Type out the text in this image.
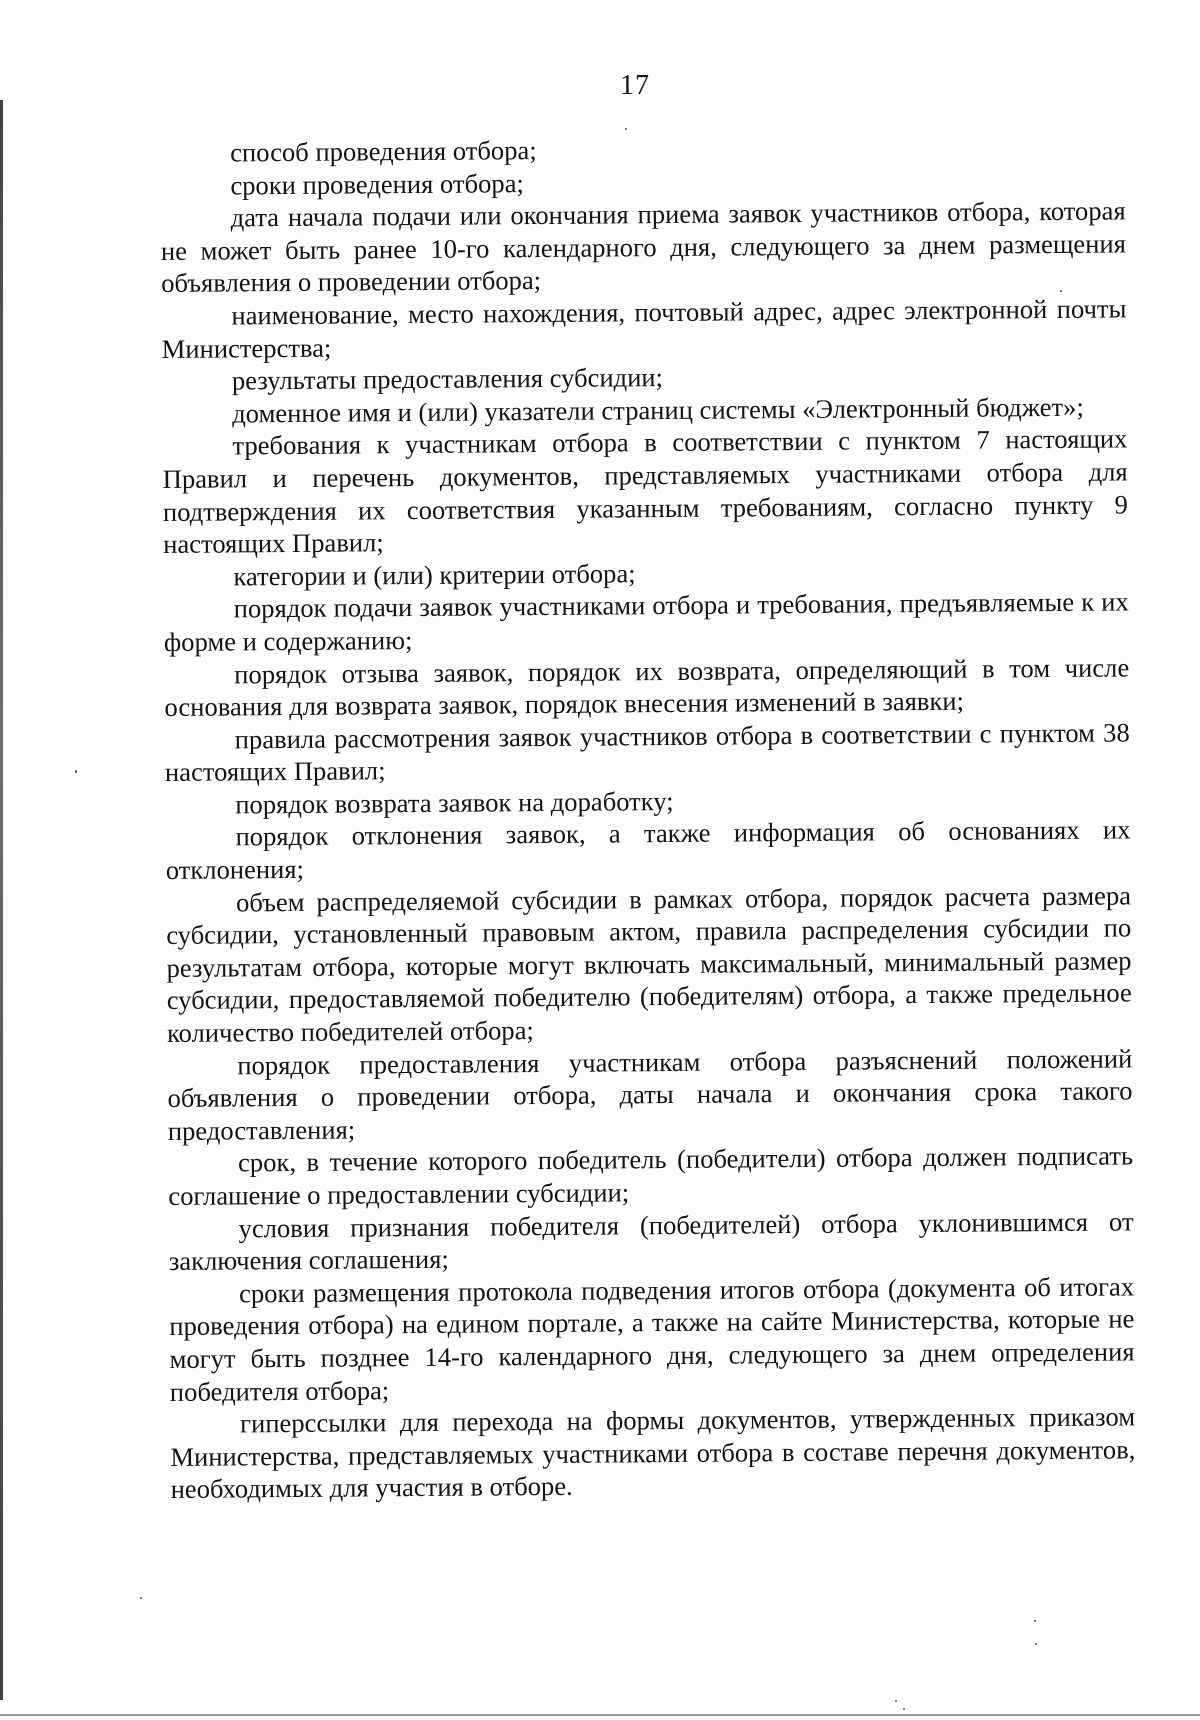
17

способ проведения отбора;

сроки проведения отбора;

дата начала подачи или окончания приема заявок участников отбора, которая не может быть ранее 10-го календарного дня, следующего за днем размещения объявления о проведении отбора;

наименование, место нахождения, почтовый адрес, адрес электронной почты Министерства;

результаты предоставления субсидии;

доменное имя и (или) указатели страниц системы «Электронный бюджет»;

требования к участникам отбора в соответствии с пунктом 7 настоящих Правил и перечень документов, представляемых участниками отбора для подтверждения их соответствия указанным требованиям, согласно пункту 9 настоящих Правил;

категории и (или) критерии отбора;

порядок подачи заявок участниками отбора и требования, предъявляемые к их форме и содержанию;

порядок отзыва заявок, порядок их возврата, определяющий в том числе основания для возврата заявок, порядок внесения изменений в заявки;

правила рассмотрения заявок участников отбора в соответствии с пунктом 38 настоящих Правил;

порядок возврата заявок на доработку;

порядок отклонения заявок, а также информация об основаниях их отклонения;

объем распределяемой субсидии в рамках отбора, порядок расчета размера субсидии, установленный правовым актом, правила распределения субсидии по результатам отбора, которые могут включать максимальный, минимальный размер субсидии, предоставляемой победителю (победителям) отбора, а также предельное количество победителей отбора;

порядок предоставления участникам отбора разъяснений положений объявления о проведении отбора, даты начала и окончания срока такого предоставления;

срок, в течение которого победитель (победители) отбора должен подписать соглашение о предоставлении субсидии;

условия признания победителя (победителей) отбора уклонившимся от заключения соглашения;

сроки размещения протокола подведения итогов отбора (документа об итогах проведения отбора) на едином портале, а также на сайте Министерства, которые не могут быть позднее 14-го календарного дня, следующего за днем определения победителя отбора;

гиперссылки для перехода на формы документов, утвержденных приказом Министерства, представляемых участниками отбора в составе перечня документов, необходимых для участия в отборе.
